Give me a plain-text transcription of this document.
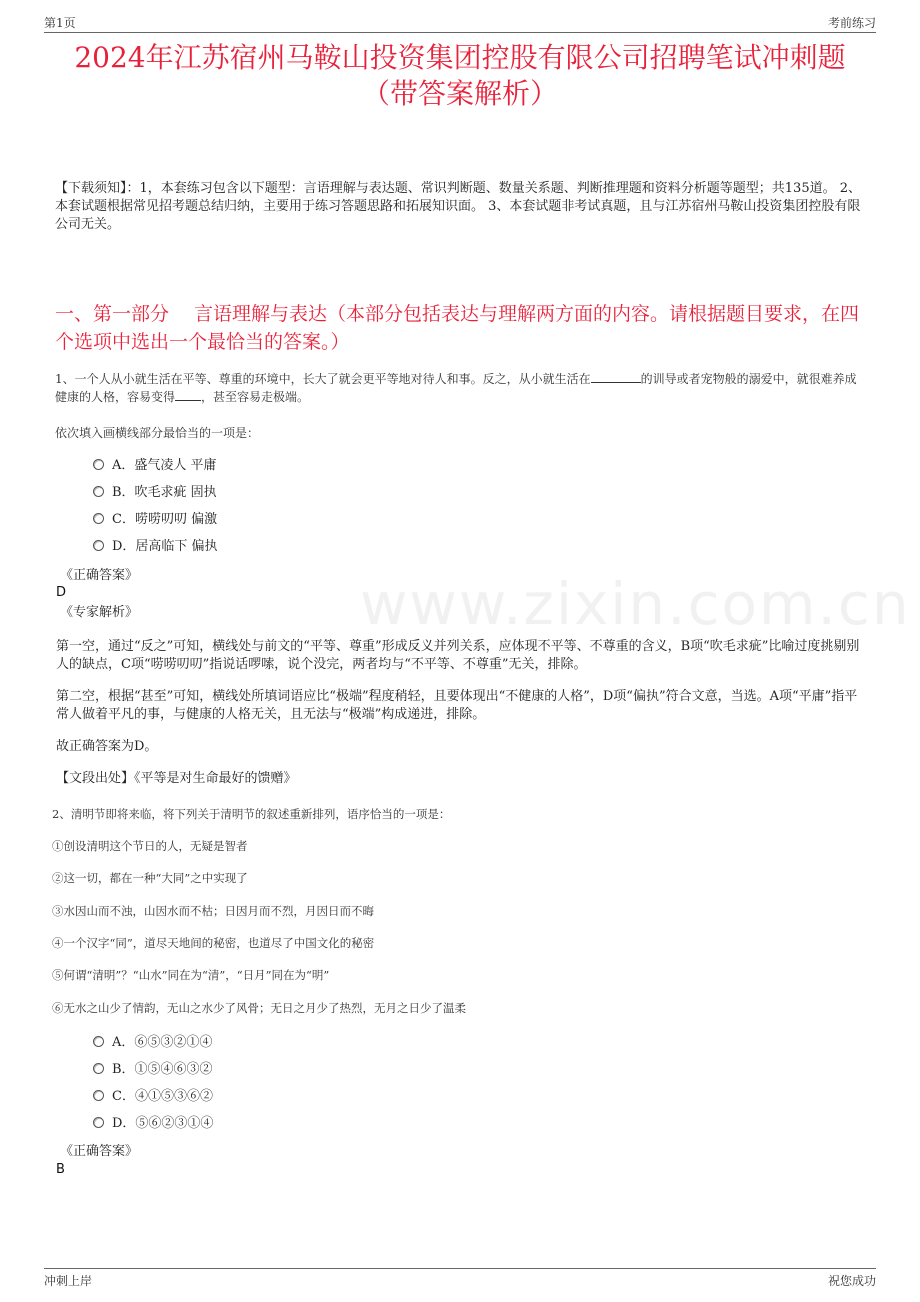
第1页	考前练习
www.zixin.com.cn
2024年江苏宿州马鞍山投资集团控股有限公司招聘笔试冲刺题
（带答案解析）
【下载须知】：1，本套练习包含以下题型：言语理解与表达题、常识判断题、数量关系题、判断推理题和资料分析题等题型；共135道。 2、本套试题根据常见招考题总结归纳，主要用于练习答题思路和拓展知识面。 3、本套试题非考试真题，且与江苏宿州马鞍山投资集团控股有限公司无关。
一、第一部分　 言语理解与表达（本部分包括表达与理解两方面的内容。请根据题目要求，在四个选项中选出一个最恰当的答案。）
1、一个人从小就生活在平等、尊重的环境中，长大了就会更平等地对待人和事。反之，从小就生活在	的训导或者宠物般的溺爱中，就很难养成健康的人格，容易变得 ，甚至容易走极端。
依次填入画横线部分最恰当的一项是：
A．盛气凌人 平庸
B．吹毛求疵 固执
C．唠唠叨叨 偏激
D．居高临下 偏执
《正确答案》
D
《专家解析》
第一空，通过“反之”可知，横线处与前文的“平等、尊重”形成反义并列关系，应体现不平等、不尊重的含义，B项“吹毛求疵”比喻过度挑剔别人的缺点，C项“唠唠叨叨”指说话啰嗦，说个没完，两者均与“不平等、不尊重”无关，排除。
第二空，根据“甚至”可知，横线处所填词语应比“极端”程度稍轻，且要体现出“不健康的人格”，D项“偏执”符合文意，当选。A项“平庸”指平常人做着平凡的事，与健康的人格无关，且无法与“极端”构成递进，排除。
故正确答案为D。
【文段出处】《平等是对生命最好的馈赠》
2、清明节即将来临，将下列关于清明节的叙述重新排列，语序恰当的一项是：
①创设清明这个节日的人，无疑是智者
②这一切，都在一种“大同”之中实现了
③水因山而不浊，山因水而不枯；日因月而不烈，月因日而不晦
④一个汉字“同”，道尽天地间的秘密，也道尽了中国文化的秘密
⑤何谓“清明”？“山水”同在为“清”，“日月”同在为“明”
⑥无水之山少了情韵，无山之水少了风骨；无日之月少了热烈，无月之日少了温柔
A．⑥⑤③②①④
B．①⑤④⑥③②
C．④①⑤③⑥②
D．⑤⑥②③①④
《正确答案》
B
冲刺上岸	祝您成功
